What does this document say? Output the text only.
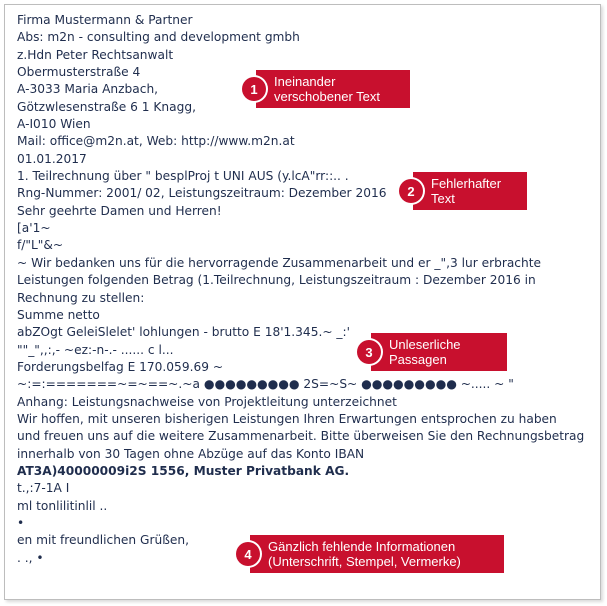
Firma Mustermann & Partner
Abs: m2n - consulting and development gmbh
z.Hdn Peter Rechtsanwalt
Obermusterstraße 4
A-3033 Maria Anzbach,
Götzwlesenstraße 6 1 Knagg,
A-I010 Wien
Mail: office@m2n.at, Web: http://www.m2n.at
01.01.2017
1. Teilrechnung über " besplProj t UNI AUS (y.lcA"rr::.. .
Rng-Nummer: 2001/ 02, Leistungszeitraum: Dezember 2016
Sehr geehrte Damen und Herren!
[a'1~
f/"L"&~
~ Wir bedanken uns für die hervorragende Zusammenarbeit und er _",3 lur erbrachte
Leistungen folgenden Betrag (1.Teilrechnung, Leistungszeitraum : Dezember 2016 in
Rechnung zu stellen:
Summe netto
abZOgt GeleiSlelet' lohlungen - brutto E 18'1.345.~ _:'
""_",,:,- ~ez:-n-.- ...... c l...
Forderungsbelfag E 170.059.69 ~
~:=:=======~=~==~.~a ●●●●●●●●● 2S=~S~ ●●●●●●●●● ~..... ~ "
Anhang: Leistungsnachweise von Projektleitung unterzeichnet
Wir hoffen, mit unseren bisherigen Leistungen Ihren Erwartungen entsprochen zu haben
und freuen uns auf die weitere Zusammenarbeit. Bitte überweisen Sie den Rechnungsbetrag
innerhalb von 30 Tagen ohne Abzüge auf das Konto IBAN
AT3A)40000009i2S 1556, Muster Privatbank AG.
t.,:7-1A I
ml tonlilitinlil ..
•
en mit freundlichen Grüßen,
. ., •
1	Ineinander
verschobener Text
2	Fehlerhafter
Text
3	Unleserliche
Passagen
4	Gänzlich fehlende Informationen
(Unterschrift, Stempel, Vermerke)
